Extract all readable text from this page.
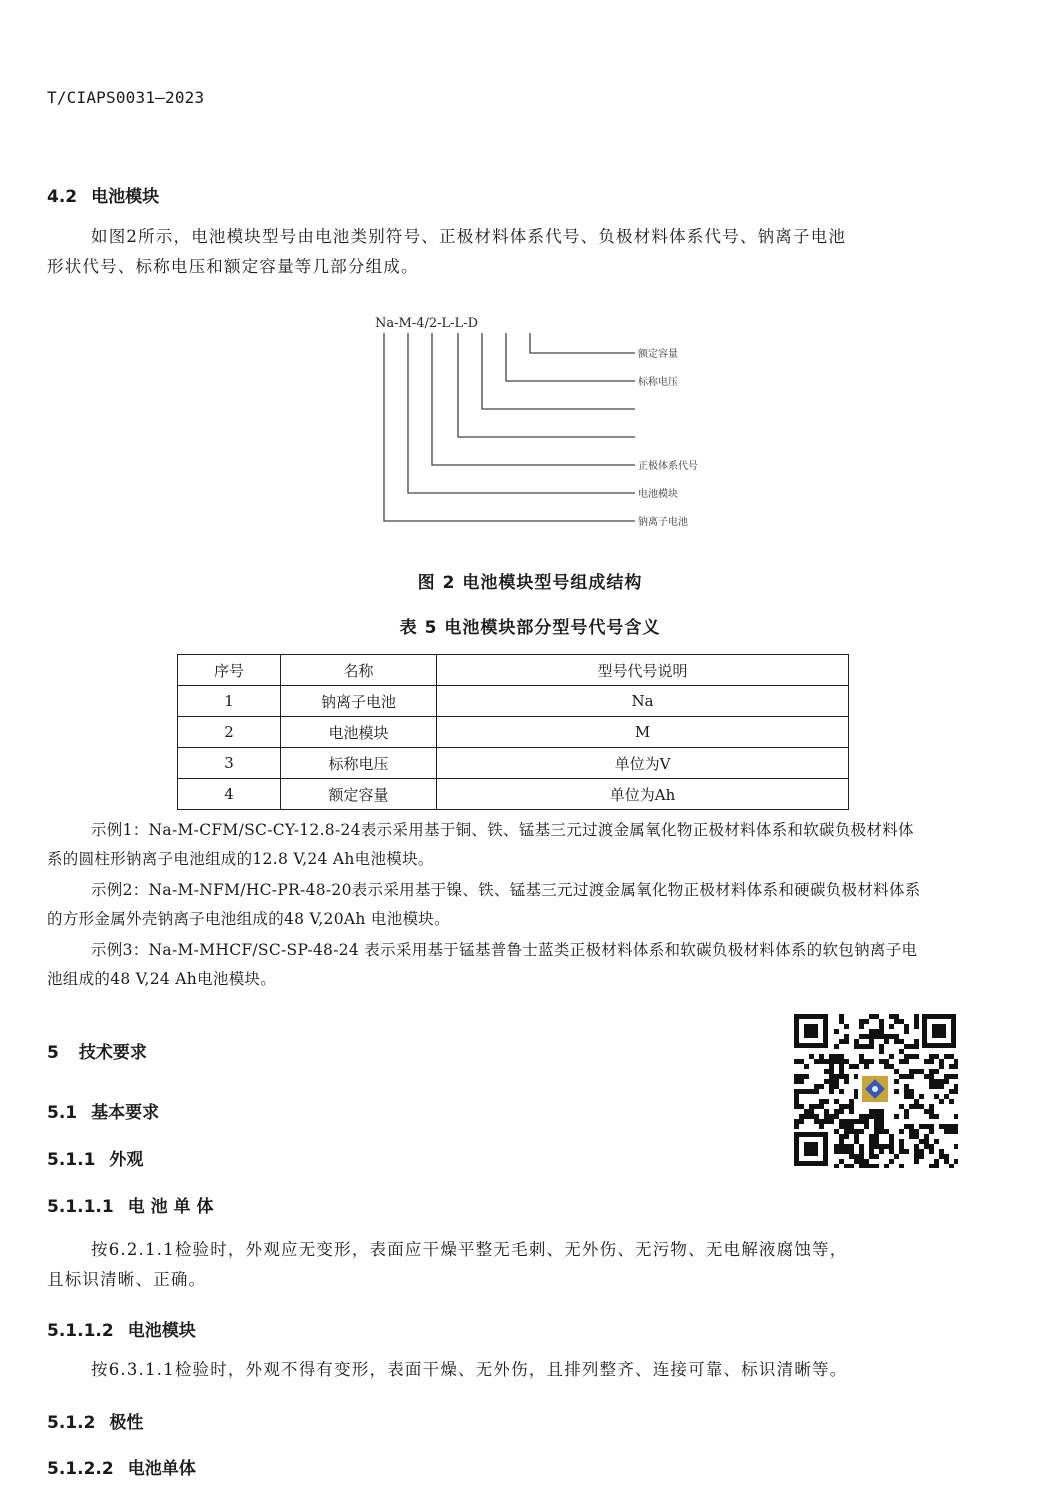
T/CIAPS0031—2023
4.2 电池模块
如图2所示，电池模块型号由电池类别符号、正极材料体系代号、负极材料体系代号、钠离子电池
形状代号、标称电压和额定容量等几部分组成。
Na-M-4/2-L-L-D
额定容量
标称电压
正极体系代号
电池模块
钠离子电池
图 2 电池模块型号组成结构
表 5 电池模块部分型号代号含义
序号	名称	型号代号说明
1	钠离子电池	Na
2	电池模块	M
3	标称电压	单位为V
4	额定容量	单位为Ah
示例1：Na-M-CFM/SC-CY-12.8-24表示采用基于铜、铁、锰基三元过渡金属氧化物正极材料体系和软碳负极材料体
系的圆柱形钠离子电池组成的12.8 V,24 Ah电池模块。
示例2：Na-M-NFM/HC-PR-48-20表示采用基于镍、铁、锰基三元过渡金属氧化物正极材料体系和硬碳负极材料体系
的方形金属外壳钠离子电池组成的48 V,20Ah 电池模块。
示例3：Na-M-MHCF/SC-SP-48-24 表示采用基于锰基普鲁士蓝类正极材料体系和软碳负极材料体系的软包钠离子电
池组成的48 V,24 Ah电池模块。
5 技术要求
5.1 基本要求
5.1.1 外观
5.1.1.1 电 池 单 体
按6.2.1.1检验时，外观应无变形，表面应干燥平整无毛刺、无外伤、无污物、无电解液腐蚀等，
且标识清晰、正确。
5.1.1.2 电池模块
按6.3.1.1检验时，外观不得有变形，表面干燥、无外伤，且排列整齐、连接可靠、标识清晰等。
5.1.2 极性
5.1.2.2 电池单体
